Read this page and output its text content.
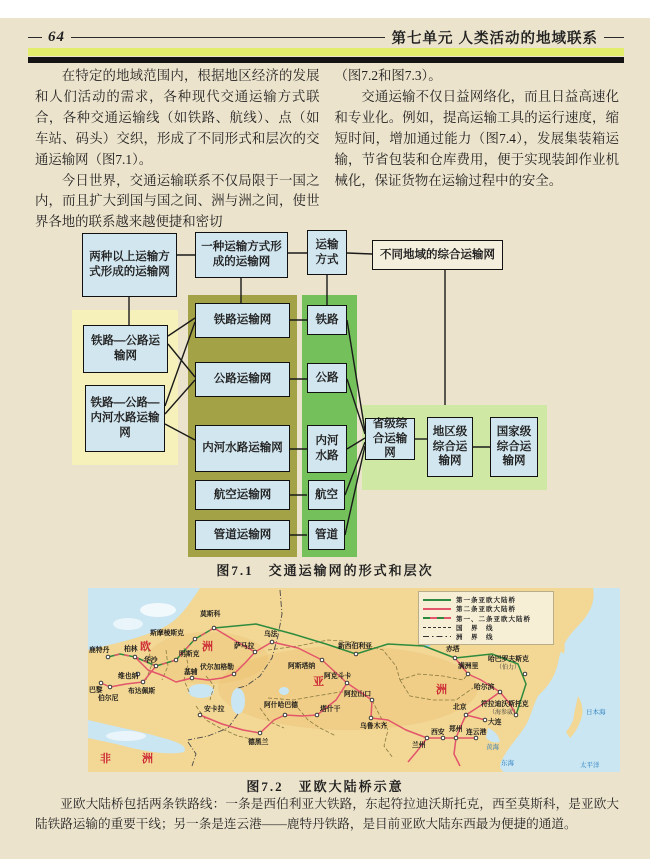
64	第七单元 人类活动的地域联系

在特定的地域范围内，根据地区经济的发展和人们活动的需求，各种现代交通运输方式联合，各种交通运输线（如铁路、航线）、点（如车站、码头）交织，形成了不同形式和层次的交通运输网（图7.1）。

今日世界，交通运输联系不仅局限于一国之内，而且扩大到国与国之间、洲与洲之间，使世界各地的联系越来越便捷和密切

（图7.2和图7.3）。

交通运输不仅日益网络化，而且日益高速化和专业化。例如，提高运输工具的运行速度，缩短时间，增加通过能力（图7.4），发展集装箱运输，节省包装和仓库费用，便于实现装卸作业机械化，保证货物在运输过程中的安全。

两种以上运输方式形成的运输网
一种运输方式形成的运输网
运输方式	不同地域的综合运输网
铁路—公路运输网
铁路—公路—内河水路运输网
铁路运输网
公路运输网
内河水路运输网
航空运输网
管道运输网
铁路
公路
内河水路
航空
管道
省级综合运输网
地区级综合运输网
国家级综合运输网
图7.1　交通运输网的形式和层次
鹿特丹
巴黎
伯尔尼
柏林
维也纳
布达佩斯
华沙
明斯克
斯摩棱斯克
莫斯科
基辅
伏尔加格勒
萨马拉
乌法
新西伯利亚
阿斯塔纳
安卡拉
德黑兰
阿什哈巴德
塔什干
阿克斗卡
阿拉山口
乌鲁木齐
兰州
西安 郑州 连云港
北京
大连
哈尔滨
满洲里
赤塔
哈巴罗夫斯克
（伯力）
符拉迪沃斯托克
（海参崴）
欧	洲
亚
洲
非	洲
日本海
黄海
东海	太平洋
第一条亚欧大陆桥
第二条亚欧大陆桥
第一、二条亚欧大陆桥
国　界　线
洲　界　线
图7.2　亚欧大陆桥示意

亚欧大陆桥包括两条铁路线：一条是西伯利亚大铁路，东起符拉迪沃斯托克，西至莫斯科，是亚欧大陆铁路运输的重要干线；另一条是连云港——鹿特丹铁路，是目前亚欧大陆东西最为便捷的通道。
